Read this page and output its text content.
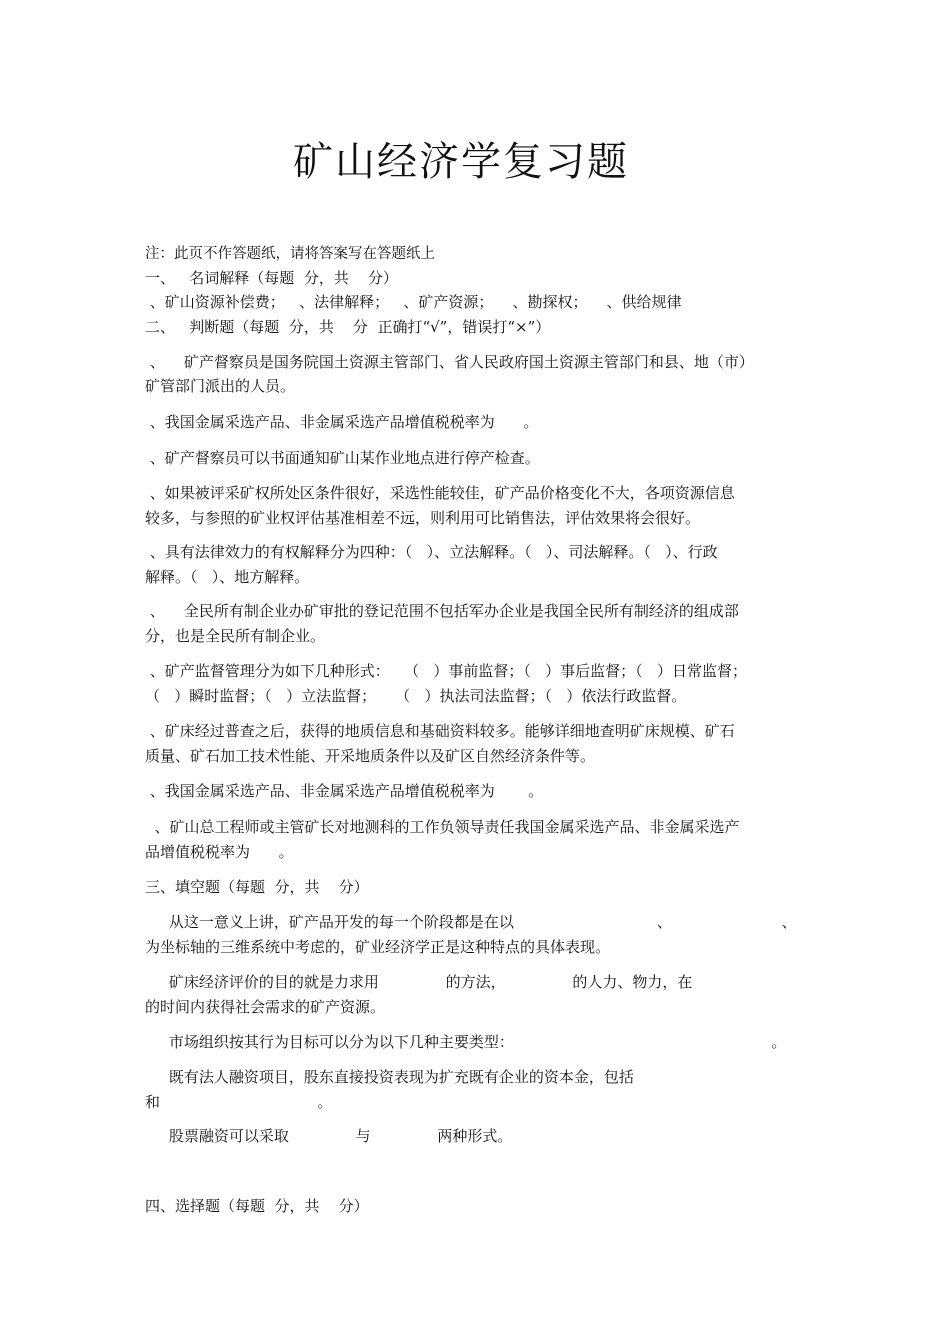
矿山经济学复习题
注：此页不作答题纸，请将答案写在答题纸上
一、   名词解释（每题  分，共    分）
、矿山资源补偿费；   、法律解释；   、矿产资源；    、勘探权；    、供给规律
二、   判断题（每题  分，共    分  正确打“√”，错误打“×”）
、    矿产督察员是国务院国土资源主管部门、省人民政府国土资源主管部门和县、地（市）
矿管部门派出的人员。
、我国金属采选产品、非金属采选产品增值税税率为      。
、矿产督察员可以书面通知矿山某作业地点进行停产检查。
、如果被评采矿权所处区条件很好，采选性能较佳，矿产品价格变化不大，各项资源信息
较多，与参照的矿业权评估基准相差不远，则利用可比销售法，评估效果将会很好。
、具有法律效力的有权解释分为四种：（   ）、立法解释。（   ）、司法解释。（   ）、行政
解释。（   ）、地方解释。
、    全民所有制企业办矿审批的登记范围不包括军办企业是我国全民所有制经济的组成部
分，也是全民所有制企业。
、矿产监督管理分为如下几种形式：   （   ）事前监督；（   ）事后监督；（   ）日常监督；
（   ）瞬时监督；（   ）立法监督；    （   ）执法司法监督；（   ）依法行政监督。
、矿床经过普查之后，获得的地质信息和基础资料较多。能够详细地查明矿床规模、矿石
质量、矿石加工技术性能、开采地质条件以及矿区自然经济条件等。
、我国金属采选产品、非金属采选产品增值税税率为       。
、矿山总工程师或主管矿长对地测科的工作负领导责任我国金属采选产品、非金属采选产
品增值税税率为      。
三、填空题（每题  分，共    分）
从这一意义上讲，矿产品开发的每一个阶段都是在以                              、                       、
为坐标轴的三维系统中考虑的，矿业经济学正是这种特点的具体表现。
矿床经济评价的目的就是力求用              的方法，              的人力、物力，在
的时间内获得社会需求的矿产资源。
市场组织按其行为目标可以分为以下几种主要类型：                                                      。
既有法人融资项目，股东直接投资表现为扩充既有企业的资本金，包括
和                                 。
股票融资可以采取              与              两种形式。
四、选择题（每题  分，共    分）
